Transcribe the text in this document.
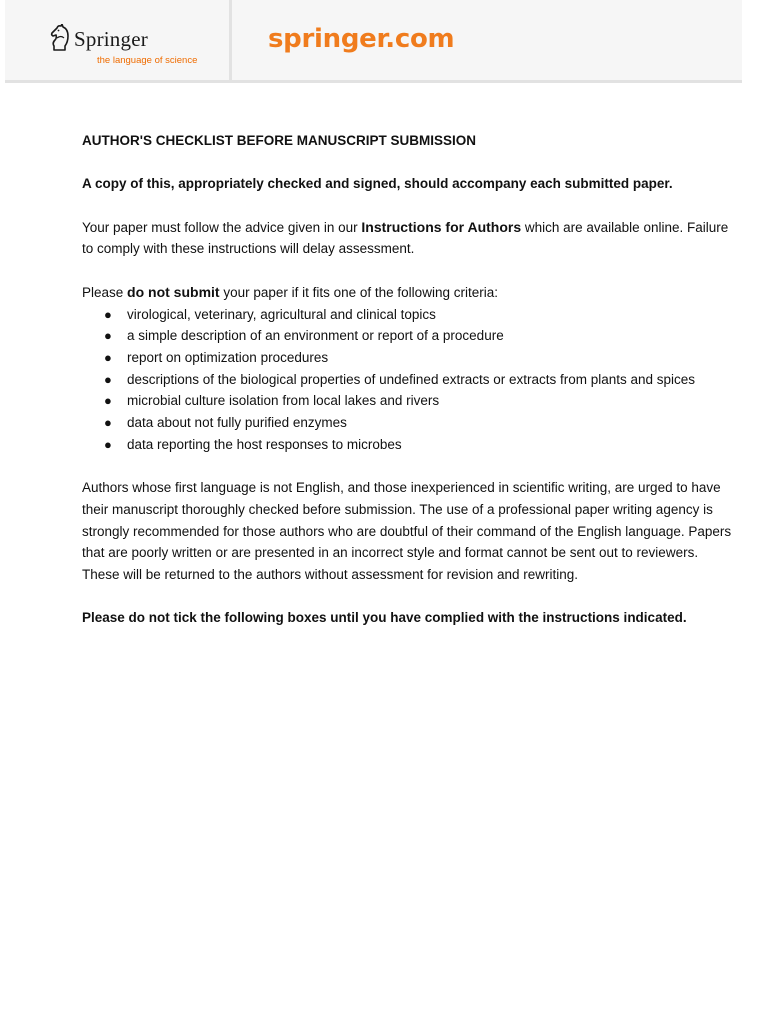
Springer
the language of science
springer.com

AUTHOR'S CHECKLIST BEFORE MANUSCRIPT SUBMISSION

A copy of this, appropriately checked and signed, should accompany each submitted paper.

Your paper must follow the advice given in our Instructions for Authors which are available online. Failure to comply with these instructions will delay assessment.

Please do not submit your paper if it fits one of the following criteria:
● virological, veterinary, agricultural and clinical topics
● a simple description of an environment or report of a procedure
● report on optimization procedures
● descriptions of the biological properties of undefined extracts or extracts from plants and spices
● microbial culture isolation from local lakes and rivers
● data about not fully purified enzymes
● data reporting the host responses to microbes

Authors whose first language is not English, and those inexperienced in scientific writing, are urged to have their manuscript thoroughly checked before submission. The use of a professional paper writing agency is strongly recommended for those authors who are doubtful of their command of the English language. Papers that are poorly written or are presented in an incorrect style and format cannot be sent out to reviewers. These will be returned to the authors without assessment for revision and rewriting.

Please do not tick the following boxes until you have complied with the instructions indicated.
